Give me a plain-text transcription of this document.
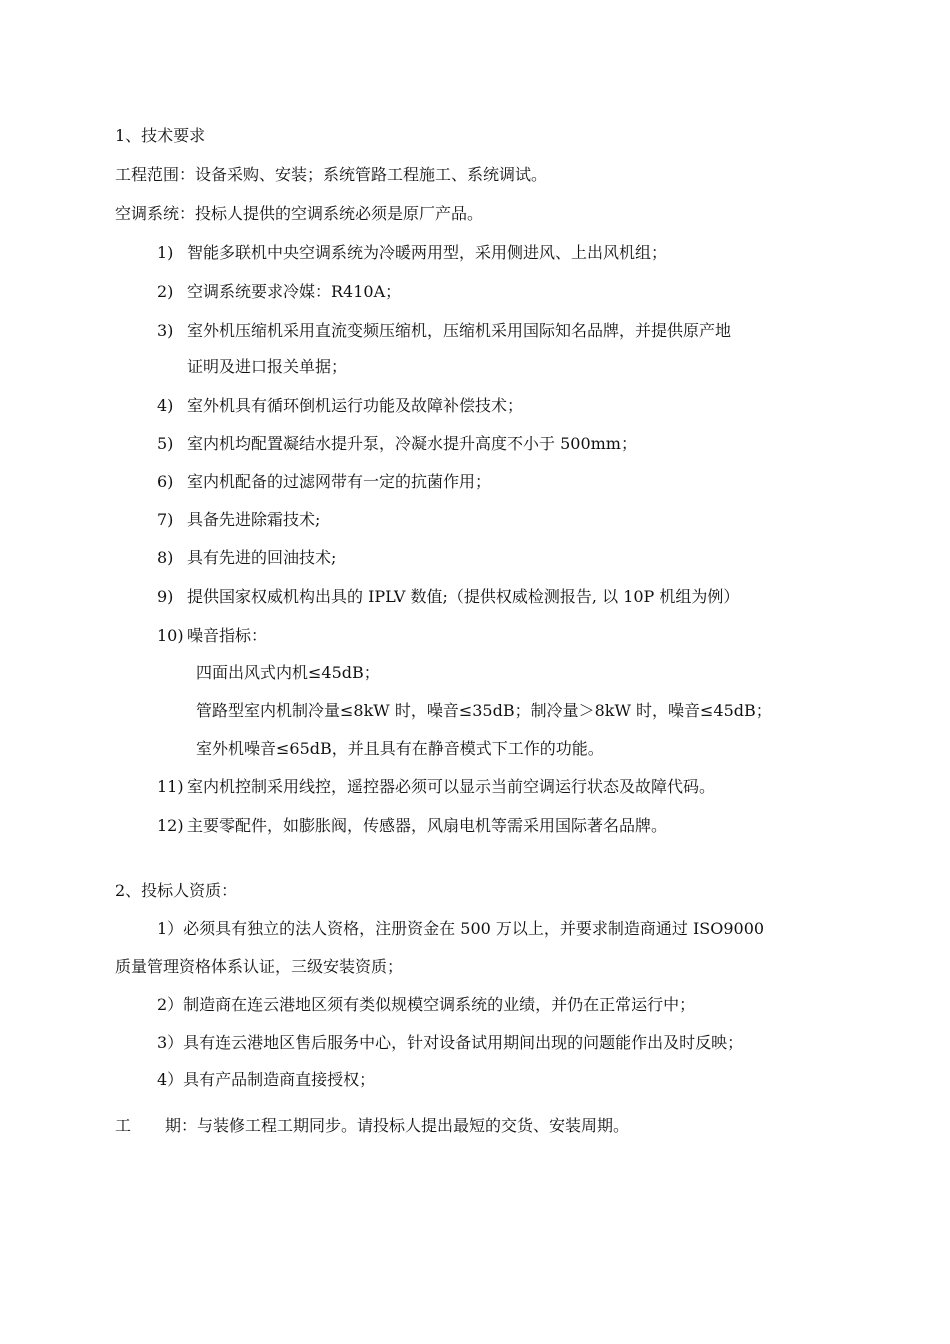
1、技术要求
工程范围：设备采购、安装；系统管路工程施工、系统调试。
空调系统：投标人提供的空调系统必须是原厂产品。
1) 智能多联机中央空调系统为冷暖两用型，采用侧进风、上出风机组；
2) 空调系统要求冷媒：R410A；
3) 室外机压缩机采用直流变频压缩机，压缩机采用国际知名品牌，并提供原产地
证明及进口报关单据；
4) 室外机具有循环倒机运行功能及故障补偿技术；
5) 室内机均配置凝结水提升泵，冷凝水提升高度不小于 500mm；
6) 室内机配备的过滤网带有一定的抗菌作用；
7) 具备先进除霜技术;
8) 具有先进的回油技术;
9) 提供国家权威机构出具的 IPLV 数值;（提供权威检测报告, 以 10P 机组为例）
10) 噪音指标：
四面出风式内机≤45dB；
管路型室内机制冷量≤8kW 时，噪音≤35dB；制冷量＞8kW 时，噪音≤45dB；
室外机噪音≤65dB，并且具有在静音模式下工作的功能。
11) 室内机控制采用线控，遥控器必须可以显示当前空调运行状态及故障代码。
12) 主要零配件，如膨胀阀，传感器，风扇电机等需采用国际著名品牌。
2、投标人资质：
1）必须具有独立的法人资格，注册资金在 500 万以上，并要求制造商通过 ISO9000
质量管理资格体系认证，三级安装资质；
2）制造商在连云港地区须有类似规模空调系统的业绩，并仍在正常运行中；
3）具有连云港地区售后服务中心，针对设备试用期间出现的问题能作出及时反映；
4）具有产品制造商直接授权；
工 期：与装修工程工期同步。请投标人提出最短的交货、安装周期。
